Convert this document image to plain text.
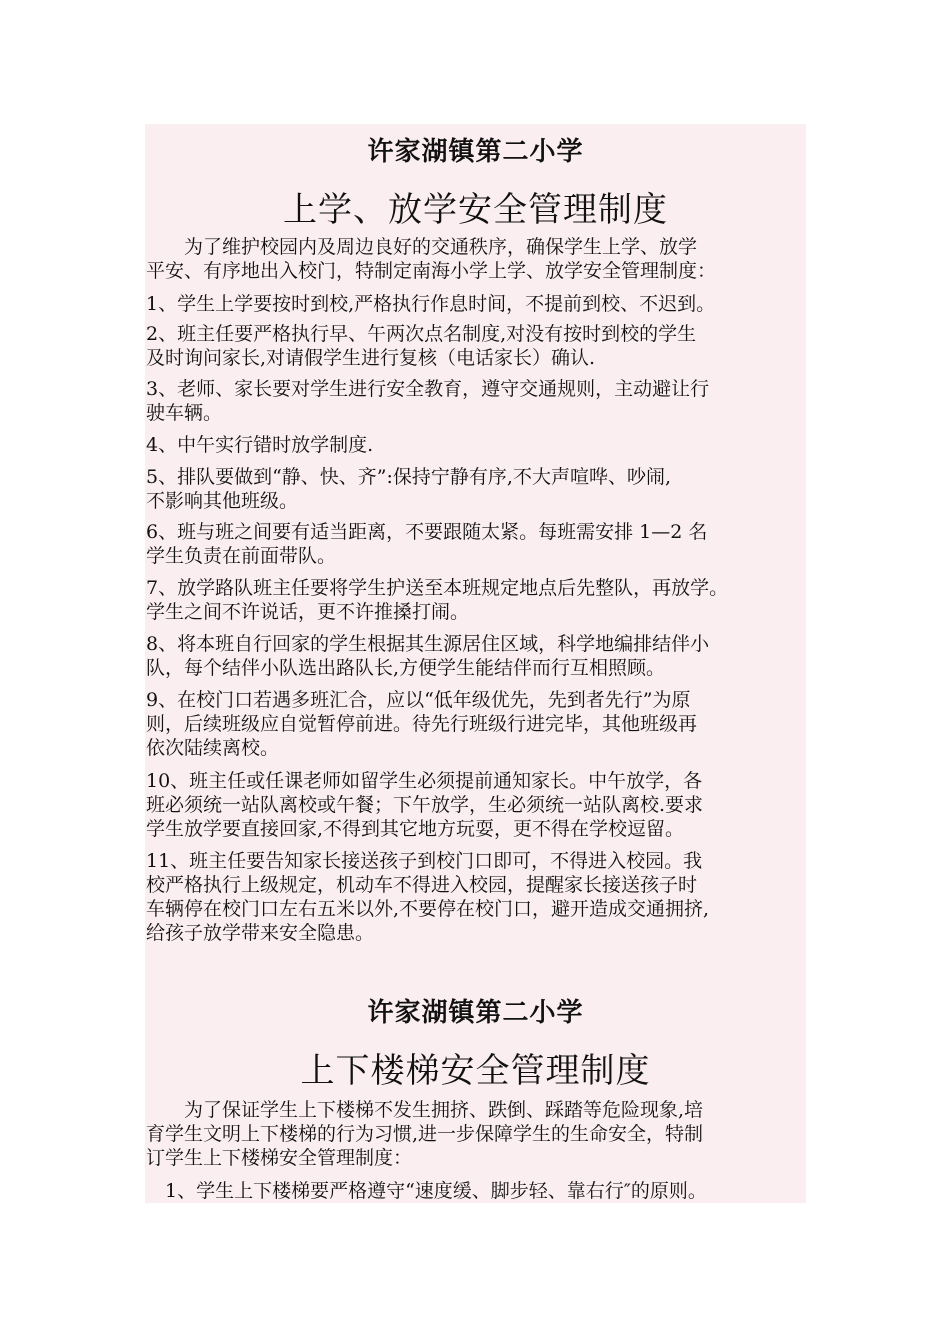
许家湖镇第二小学
上学、放学安全管理制度

　　为了维护校园内及周边良好的交通秩序，确保学生上学、放学
平安、有序地出入校门，特制定南海小学上学、放学安全管理制度：

1、学生上学要按时到校,严格执行作息时间，不提前到校、不迟到。

2、班主任要严格执行早、午两次点名制度,对没有按时到校的学生
及时询问家长,对请假学生进行复核（电话家长）确认.

3、老师、家长要对学生进行安全教育，遵守交通规则，主动避让行
驶车辆。

4、中午实行错时放学制度.

5、排队要做到“静、快、齐”:保持宁静有序,不大声喧哗、吵闹,
不影响其他班级。

6、班与班之间要有适当距离，不要跟随太紧。每班需安排 1—2 名
学生负责在前面带队。

7、放学路队班主任要将学生护送至本班规定地点后先整队，再放学。
学生之间不许说话，更不许推搡打闹。

8、将本班自行回家的学生根据其生源居住区域，科学地编排结伴小
队，每个结伴小队选出路队长,方便学生能结伴而行互相照顾。

9、在校门口若遇多班汇合，应以“低年级优先，先到者先行”为原
则，后续班级应自觉暂停前进。待先行班级行进完毕，其他班级再
依次陆续离校。

10、班主任或任课老师如留学生必须提前通知家长。中午放学，各
班必须统一站队离校或午餐；下午放学，生必须统一站队离校.要求
学生放学要直接回家,不得到其它地方玩耍，更不得在学校逗留。

11、班主任要告知家长接送孩子到校门口即可，不得进入校园。我
校严格执行上级规定，机动车不得进入校园，提醒家长接送孩子时
车辆停在校门口左右五米以外,不要停在校门口，避开造成交通拥挤,
给孩子放学带来安全隐患。

许家湖镇第二小学
上下楼梯安全管理制度

　　为了保证学生上下楼梯不发生拥挤、跌倒、踩踏等危险现象,培
育学生文明上下楼梯的行为习惯,进一步保障学生的生命安全，特制
订学生上下楼梯安全管理制度：

　1、学生上下楼梯要严格遵守“速度缓、脚步轻、靠右行″的原则。
